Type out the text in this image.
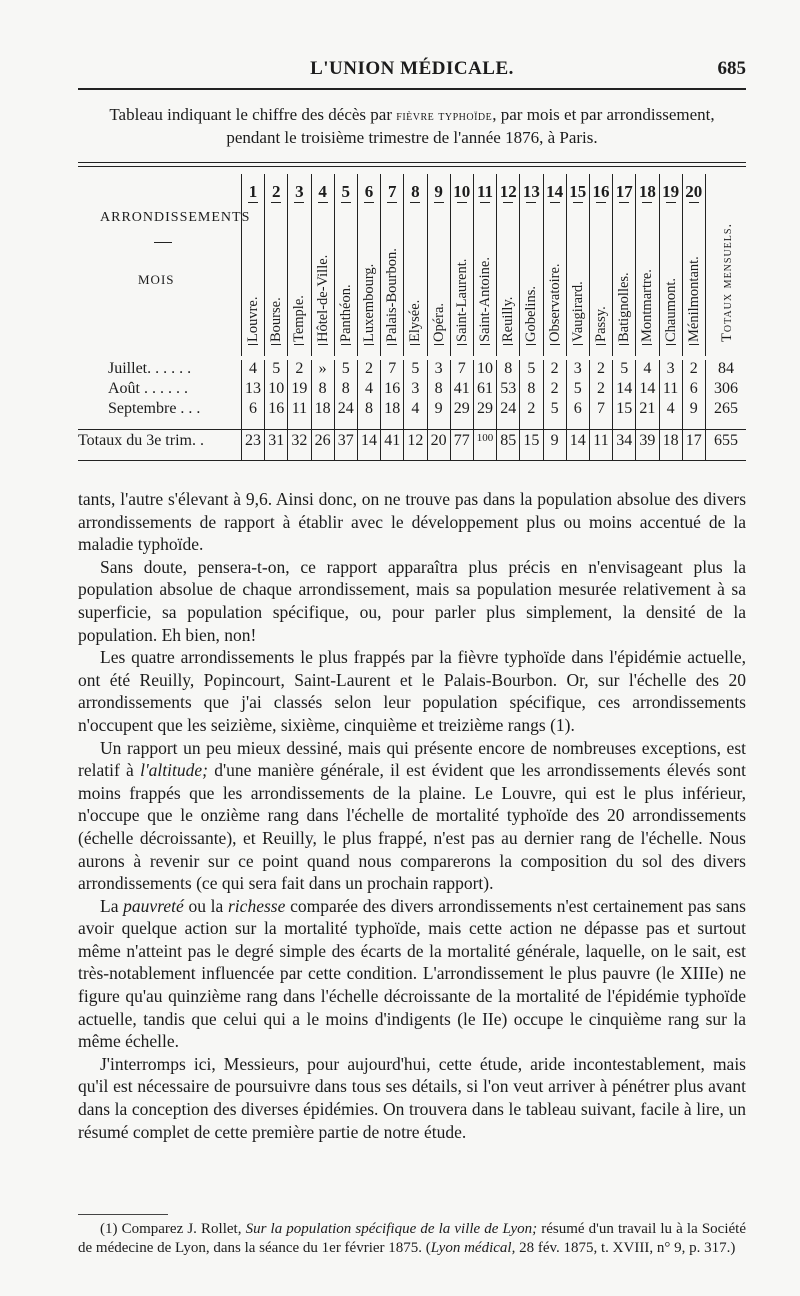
L'UNION MÉDICALE.	685
Tableau indiquant le chiffre des décès par fièvre typhoïde, par mois et par arrondissement,
pendant le troisième trimestre de l'année 1876, à Paris.
ARRONDISSEMENTS
MOIS	Totaux mensuels.
1
Louvre.
2
Bourse.
3
Temple.
4
Hôtel-de-Ville.
5
Panthéon.
6
Luxembourg.
7
Palais-Bourbon.
8
Elysée.
9
Opéra.
10
Saint-Laurent.
11
Saint-Antoine.
12
Reuilly.
13
Gobelins.
14
Observatoire.
15
Vaugirard.
16
Passy.
17
Batignolles.
18
Montmartre.
19
Chaumont.
20
Ménilmontant.
Juillet. . . . . .	4 5 2 » 5 2 7 5 3 7 10 8 5 2 3 2 5 4 3 2	84
Août . . . . . .	13 10 19 8 8 4 16 3 8 41 61 53 8 2 5 2 14 14 11 6	306
Septembre . . .	6 16 11 18 24 8 18 4 9 29 29 24 2 5 6 7 15 21 4 9	265
Totaux du 3e trim. .	23 31 32 26 37 14 41 12 20 77 100 85 15 9 14 11 34 39 18 17 655

tants, l'autre s'élevant à 9,6. Ainsi donc, on ne trouve pas dans la population absolue des divers arrondissements de rapport à établir avec le développement plus ou moins accentué de la maladie typhoïde.

Sans doute, pensera-t-on, ce rapport apparaîtra plus précis en n'envisageant plus la population absolue de chaque arrondissement, mais sa population mesurée relativement à sa superficie, sa population spécifique, ou, pour parler plus simplement, la densité de la population. Eh bien, non!

Les quatre arrondissements le plus frappés par la fièvre typhoïde dans l'épidémie actuelle, ont été Reuilly, Popincourt, Saint-Laurent et le Palais-Bourbon. Or, sur l'échelle des 20 arrondissements que j'ai classés selon leur population spécifique, ces arrondissements n'occupent que les seizième, sixième, cinquième et treizième rangs (1).

Un rapport un peu mieux dessiné, mais qui présente encore de nombreuses exceptions, est relatif à l'altitude; d'une manière générale, il est évident que les arrondissements élevés sont moins frappés que les arrondissements de la plaine. Le Louvre, qui est le plus inférieur, n'occupe que le onzième rang dans l'échelle de mortalité typhoïde des 20 arrondissements (échelle décroissante), et Reuilly, le plus frappé, n'est pas au dernier rang de l'échelle. Nous aurons à revenir sur ce point quand nous comparerons la composition du sol des divers arrondissements (ce qui sera fait dans un prochain rapport).

La pauvreté ou la richesse comparée des divers arrondissements n'est certainement pas sans avoir quelque action sur la mortalité typhoïde, mais cette action ne dépasse pas et surtout même n'atteint pas le degré simple des écarts de la mortalité générale, laquelle, on le sait, est très-notablement influencée par cette condition. L'arrondissement le plus pauvre (le XIIIe) ne figure qu'au quinzième rang dans l'échelle décroissante de la mortalité de l'épidémie typhoïde actuelle, tandis que celui qui a le moins d'indigents (le IIe) occupe le cinquième rang sur la même échelle.

J'interromps ici, Messieurs, pour aujourd'hui, cette étude, aride incontestablement, mais qu'il est nécessaire de poursuivre dans tous ses détails, si l'on veut arriver à pénétrer plus avant dans la conception des diverses épidémies. On trouvera dans le tableau suivant, facile à lire, un résumé complet de cette première partie de notre étude.

(1) Comparez J. Rollet, Sur la population spécifique de la ville de Lyon; résumé d'un travail lu à la Société de médecine de Lyon, dans la séance du 1er février 1875. (Lyon médical, 28 fév. 1875, t. XVIII, n° 9, p. 317.)
